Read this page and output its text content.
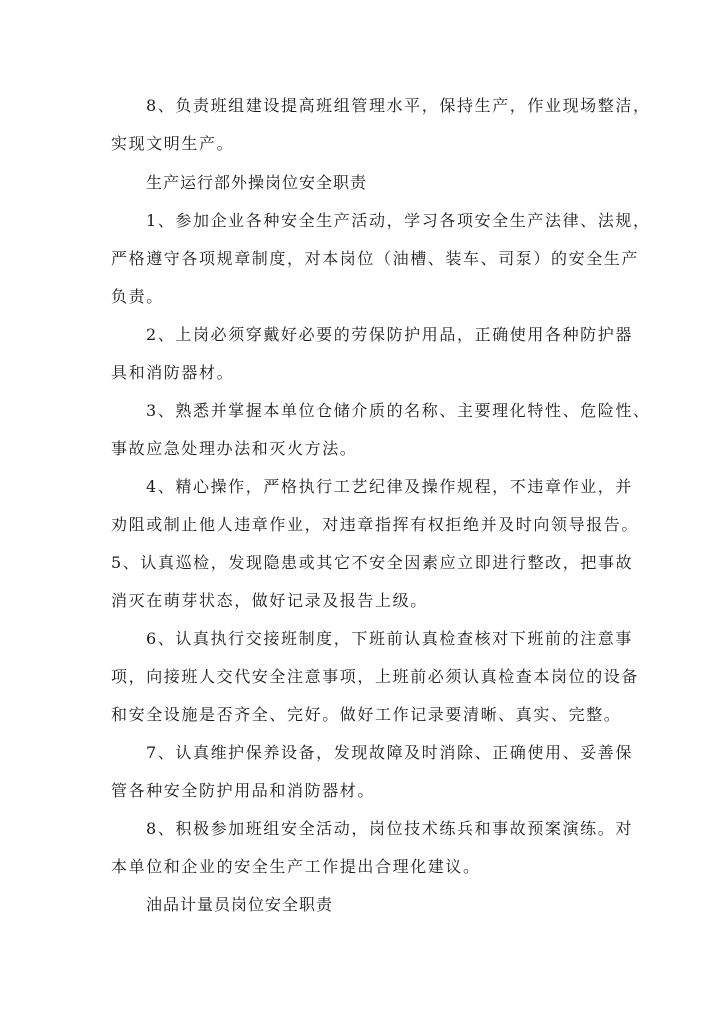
8、负责班组建设提高班组管理水平，保持生产，作业现场整洁，
实现文明生产。
生产运行部外操岗位安全职责
1、参加企业各种安全生产活动，学习各项安全生产法律、法规，
严格遵守各项规章制度，对本岗位（油槽、装车、司泵）的安全生产
负责。
2、上岗必须穿戴好必要的劳保防护用品，正确使用各种防护器
具和消防器材。
3、熟悉并掌握本单位仓储介质的名称、主要理化特性、危险性、
事故应急处理办法和灭火方法。
4、精心操作，严格执行工艺纪律及操作规程，不违章作业，并
劝阻或制止他人违章作业，对违章指挥有权拒绝并及时向领导报告。
5、认真巡检，发现隐患或其它不安全因素应立即进行整改，把事故
消灭在萌芽状态，做好记录及报告上级。
6、认真执行交接班制度，下班前认真检查核对下班前的注意事
项，向接班人交代安全注意事项，上班前必须认真检查本岗位的设备
和安全设施是否齐全、完好。做好工作记录要清晰、真实、完整。
7、认真维护保养设备，发现故障及时消除、正确使用、妥善保
管各种安全防护用品和消防器材。
8、积极参加班组安全活动，岗位技术练兵和事故预案演练。对
本单位和企业的安全生产工作提出合理化建议。
油品计量员岗位安全职责
